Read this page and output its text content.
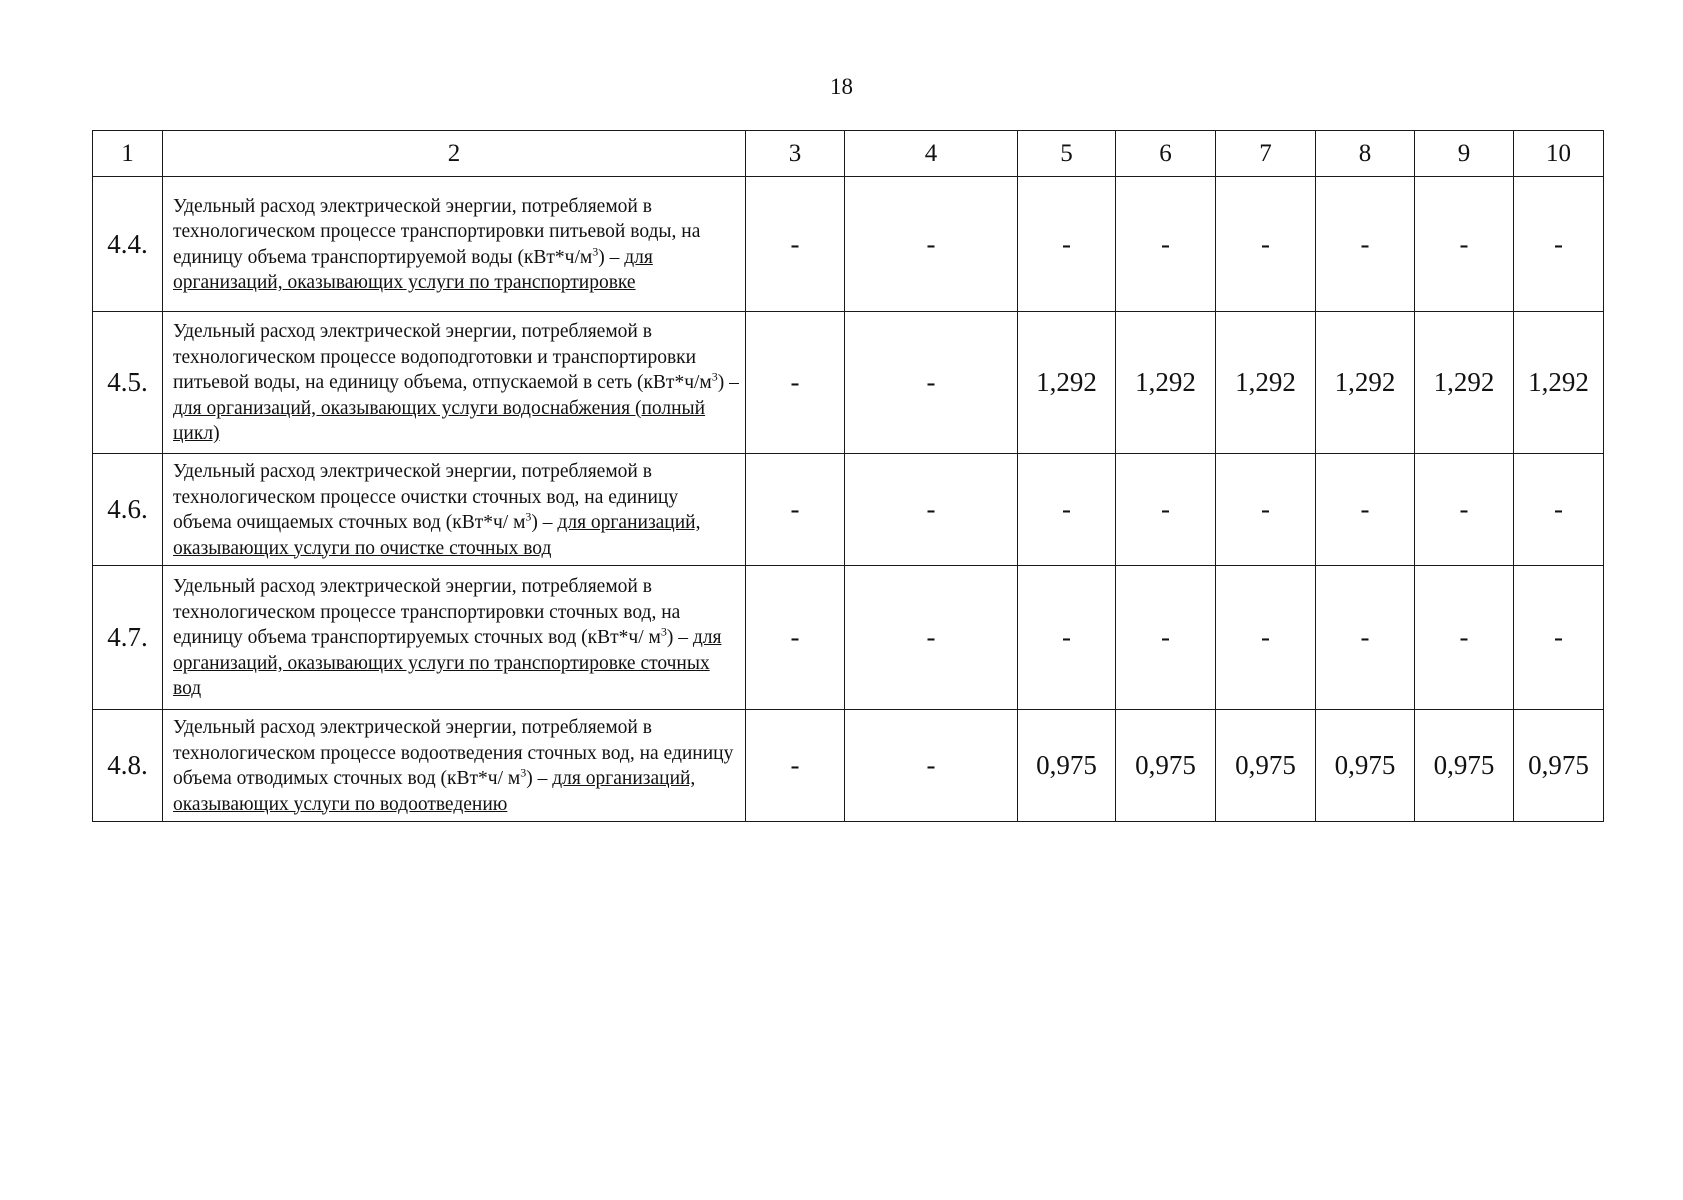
18
1	2	3	4	5	6	7	8	9	10
4.4.	Удельный расход электрической энергии, потребляемой в технологическом процессе транспортировки питьевой воды, на единицу объема транспортируемой воды $(кВт*ч/м^3)$ – для организаций, оказывающих услуги по транспортировке	-	-	-	-	-	-	-	-
4.5.	Удельный расход электрической энергии, потребляемой в технологическом процессе водоподготовки и транспортировки питьевой воды, на единицу объема, отпускаемой в сеть $(кВт*ч/м^3)$ – для организаций, оказывающих услуги водоснабжения (полный цикл)	-	-	1,292	1,292	1,292	1,292	1,292	1,292
4.6.	Удельный расход электрической энергии, потребляемой в технологическом процессе очистки сточных вод, на единицу объема очищаемых сточных вод (кВт*ч/ $м^3$) – для организаций, оказывающих услуги по очистке сточных вод	-	-	-	-	-	-	-	-
4.7.	Удельный расход электрической энергии, потребляемой в технологическом процессе транспортировки сточных вод, на единицу объема транспортируемых сточных вод (кВт*ч/ $м^3$) – для организаций, оказывающих услуги по транспортировке сточных вод	-	-	-	-	-	-	-	-
4.8.	Удельный расход электрической энергии, потребляемой в технологическом процессе водоотведения сточных вод, на единицу объема отводимых сточных вод (кВт*ч/ $м^3$) – для организаций, оказывающих услуги по водоотведению	-	-	0,975	0,975	0,975	0,975	0,975	0,975
